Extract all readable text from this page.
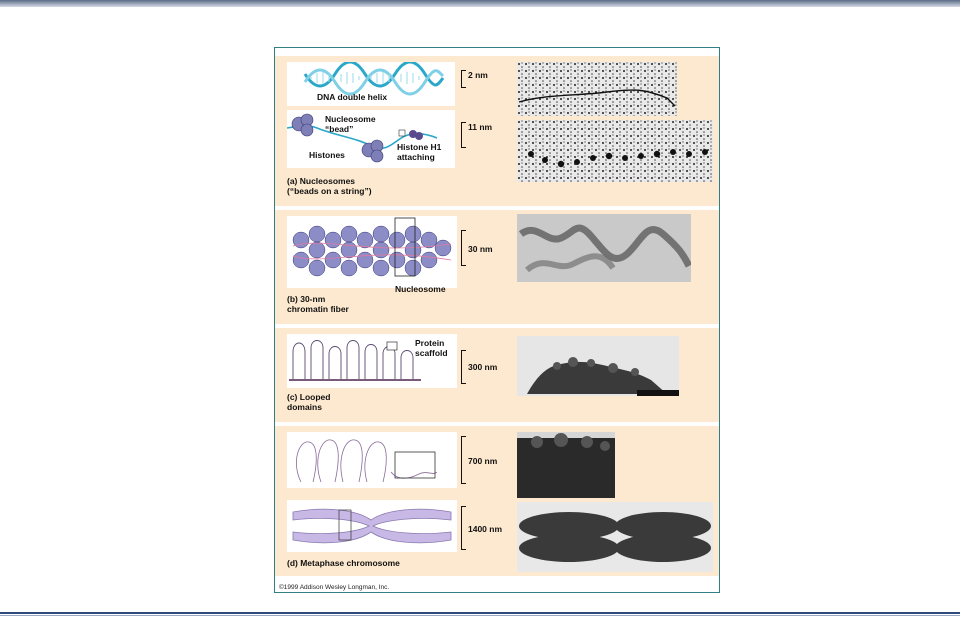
DNA double helix
2 nm
Nucleosome
“bead”
Histones
Histone H1
attaching
11 nm
(a) Nucleosomes
(“beads on a string”)
Nucleosome
30 nm
(b) 30-nm
chromatin fiber
Protein
scaffold
300 nm
(c) Looped
domains
700 nm
1400 nm
(d) Metaphase chromosome
©1999 Addison Wesley Longman, Inc.
